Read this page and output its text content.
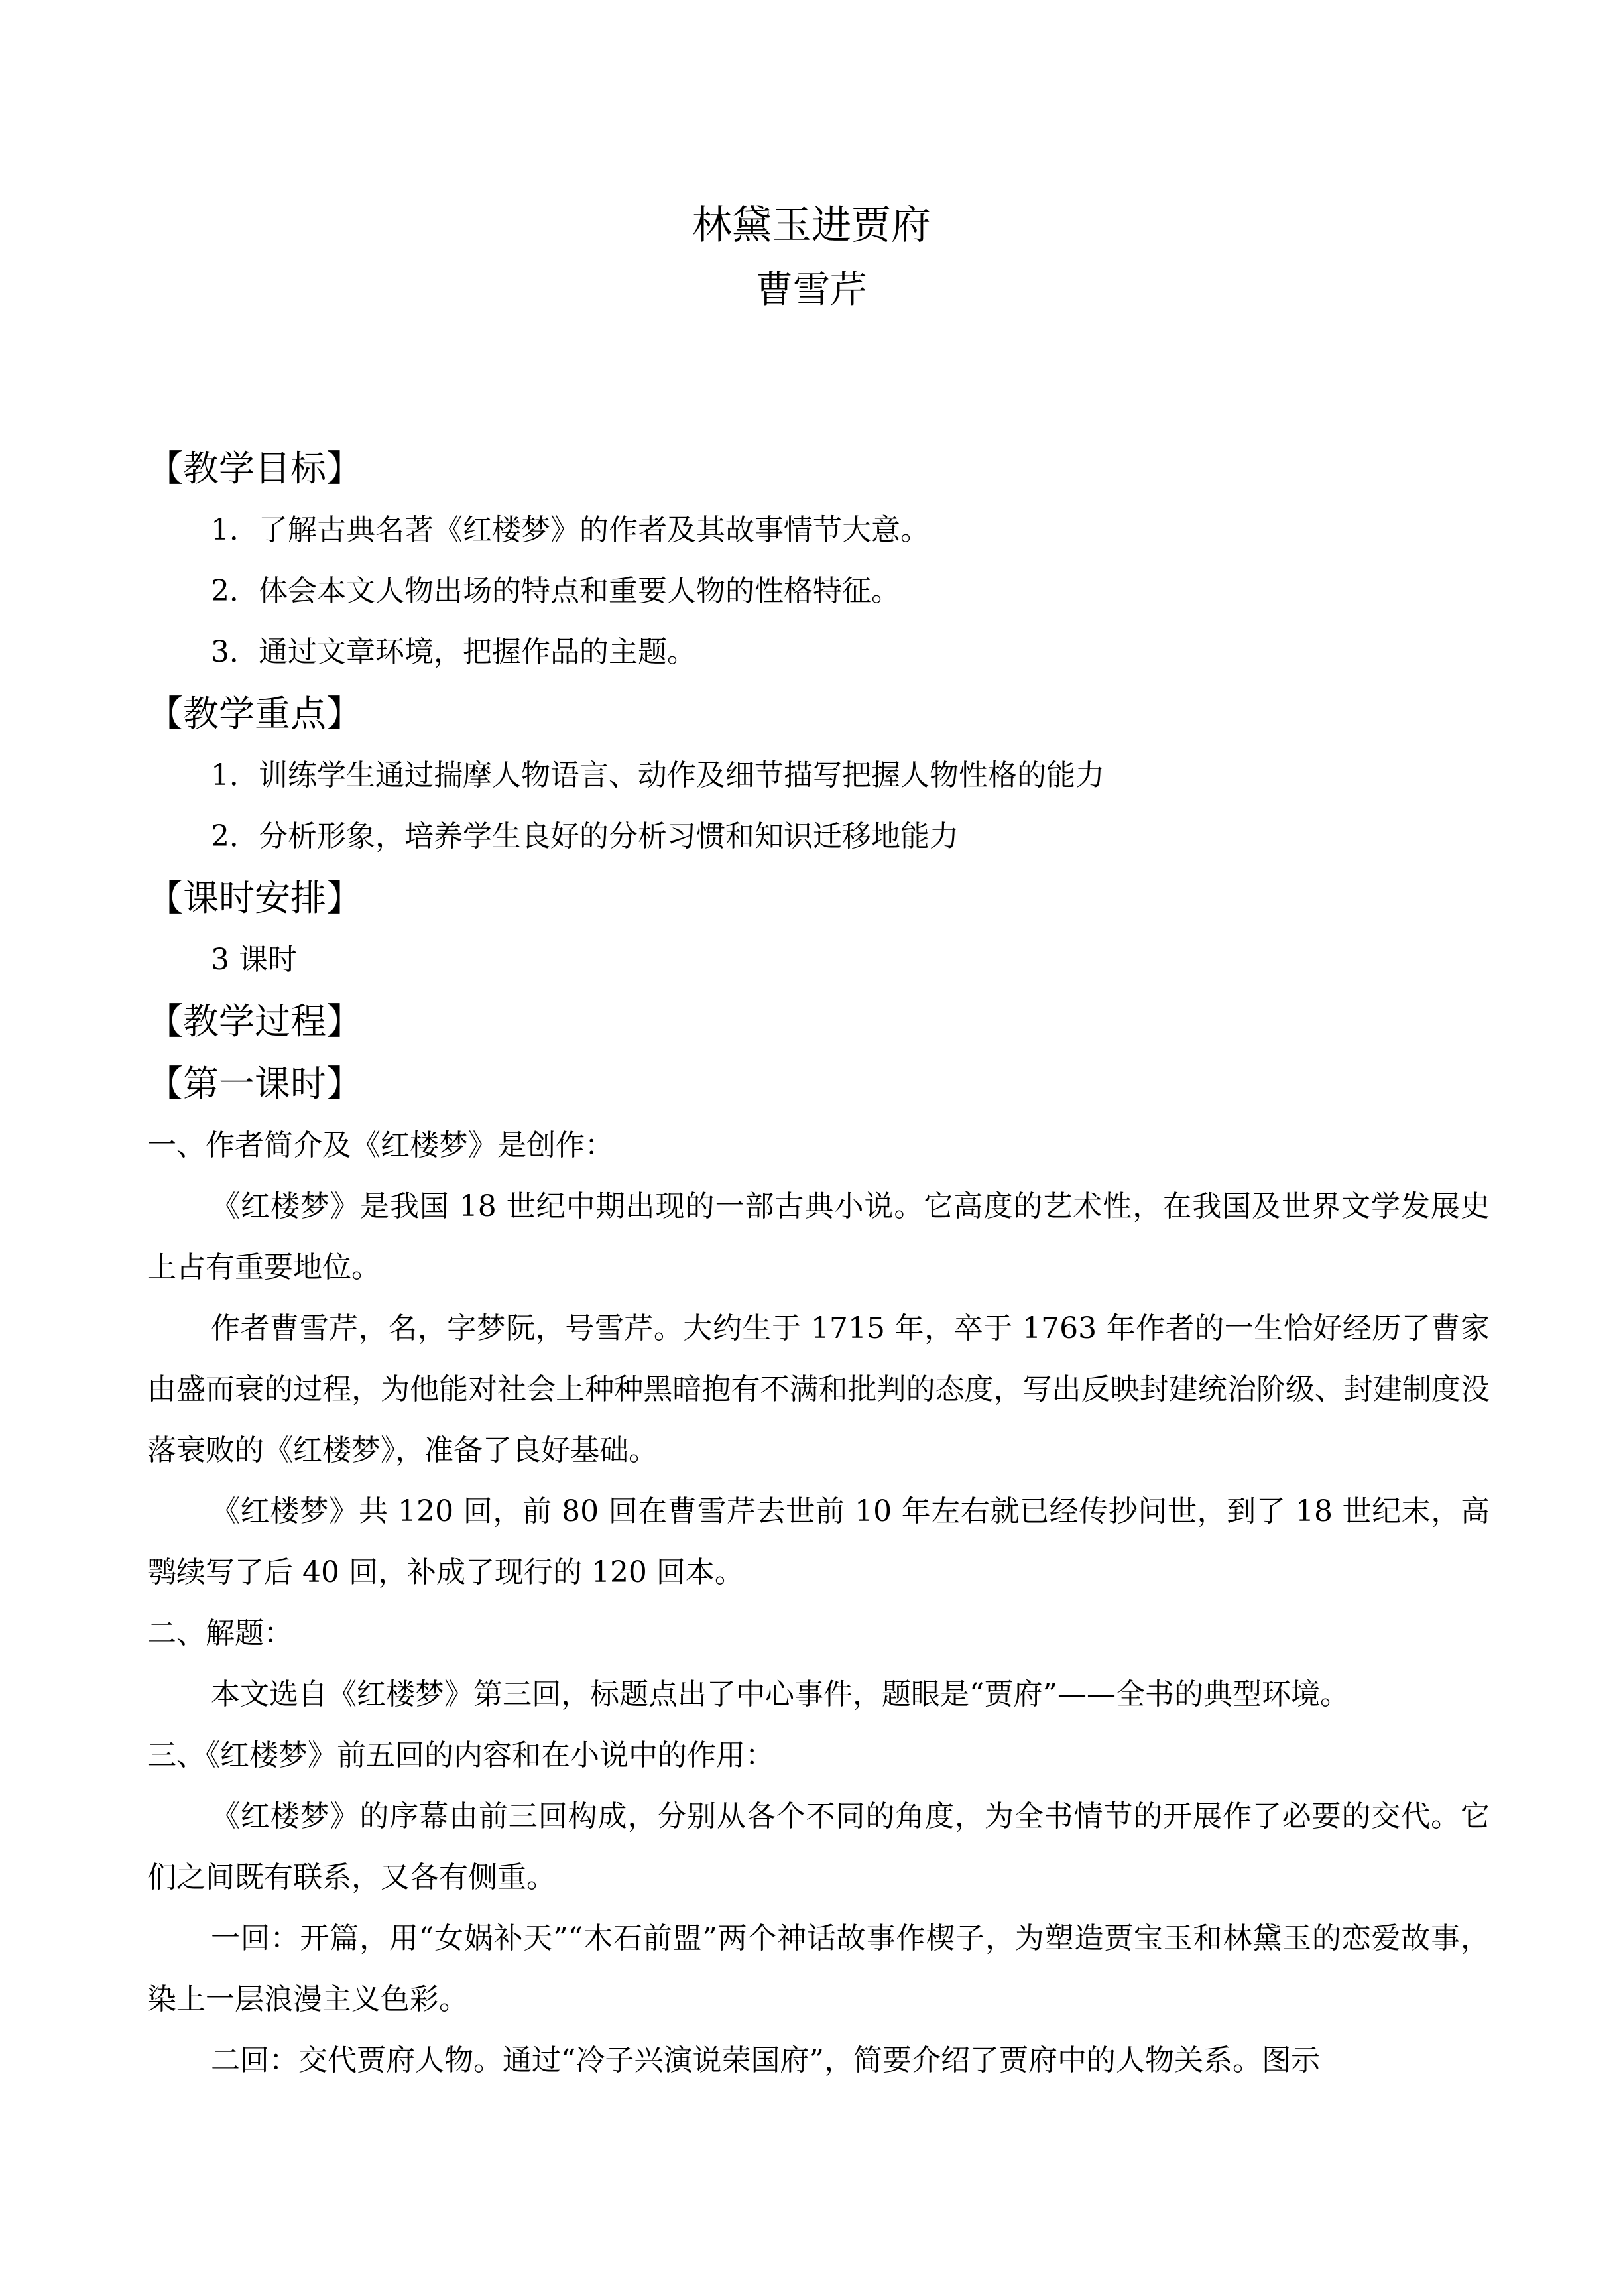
林黛玉进贾府
曹雪芹
【教学目标】
1．了解古典名著《红楼梦》的作者及其故事情节大意。
2．体会本文人物出场的特点和重要人物的性格特征。
3．通过文章环境，把握作品的主题。
【教学重点】
1．训练学生通过揣摩人物语言、动作及细节描写把握人物性格的能力
2．分析形象，培养学生良好的分析习惯和知识迁移地能力
【课时安排】
3 课时
【教学过程】
【第一课时】
一、作者简介及《红楼梦》是创作：

《红楼梦》是我国 18 世纪中期出现的一部古典小说。它高度的艺术性，在我国及世界文学发展史上占有重要地位。

作者曹雪芹，名，字梦阮，号雪芹。大约生于 1715 年，卒于 1763 年作者的一生恰好经历了曹家由盛而衰的过程，为他能对社会上种种黑暗抱有不满和批判的态度，写出反映封建统治阶级、封建制度没落衰败的《红楼梦》，准备了良好基础。

《红楼梦》共 120 回，前 80 回在曹雪芹去世前 10 年左右就已经传抄问世，到了 18 世纪末，高鹗续写了后 40 回，补成了现行的 120 回本。

二、解题：

本文选自《红楼梦》第三回，标题点出了中心事件，题眼是“贾府”——全书的典型环境。

三、《红楼梦》前五回的内容和在小说中的作用：

《红楼梦》的序幕由前三回构成，分别从各个不同的角度，为全书情节的开展作了必要的交代。它们之间既有联系，又各有侧重。

一回：开篇，用“女娲补天”“木石前盟”两个神话故事作楔子，为塑造贾宝玉和林黛玉的恋爱故事，染上一层浪漫主义色彩。

二回：交代贾府人物。通过“冷子兴演说荣国府”，简要介绍了贾府中的人物关系。图示
